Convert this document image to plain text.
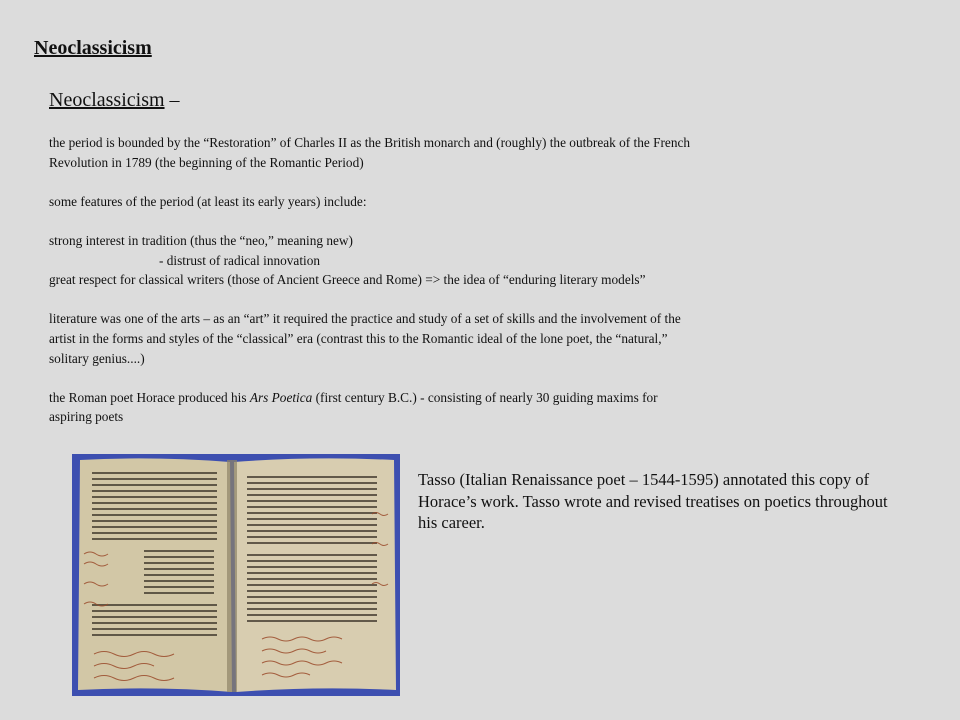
Neoclassicism
Neoclassicism –

the period is bounded by the “Restoration” of Charles II as the British monarch and (roughly) the outbreak of the French Revolution in 1789 (the beginning of the Romantic Period)

some features of the period (at least its early years) include:

strong interest in tradition (thus the “neo,” meaning new)

- distrust of radical innovation

great respect for classical writers (those of Ancient Greece and Rome) => the idea of “enduring literary models”

literature was one of the arts – as an “art” it required the practice and study of a set of skills and the involvement of the artist in the forms and styles of the “classical” era (contrast this to the Romantic ideal of the lone poet, the “natural,” solitary genius....)

the Roman poet Horace produced his Ars Poetica (first century B.C.) - consisting of nearly 30 guiding maxims for aspiring poets

Tasso (Italian Renaissance poet – 1544-1595) annotated this copy of Horace’s work. Tasso wrote and revised treatises on poetics throughout his career.
